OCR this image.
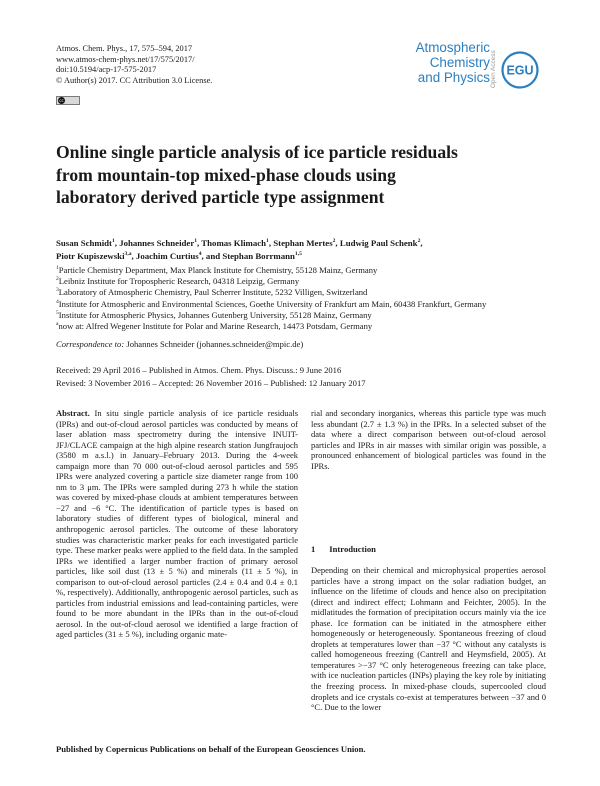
Atmos. Chem. Phys., 17, 575–594, 2017
www.atmos-chem-phys.net/17/575/2017/
doi:10.5194/acp-17-575-2017
© Author(s) 2017. CC Attribution 3.0 License.
cc
Atmospheric
Chemistry
and Physics Open Access EGU
Online single particle analysis of ice particle residuals from mountain-top mixed-phase clouds using laboratory derived particle type assignment
Susan Schmidt$^1$, Johannes Schneider$^1$, Thomas Klimach$^1$, Stephan Mertes$^2$, Ludwig Paul Schenk$^2$,
Piotr Kupiszewski$^{3,a}$, Joachim Curtius$^4$, and Stephan Borrmann$^{1,5}$
$^1$Particle Chemistry Department, Max Planck Institute for Chemistry, 55128 Mainz, Germany
$^2$Leibniz Institute for Tropospheric Research, 04318 Leipzig, Germany
$^3$Laboratory of Atmospheric Chemistry, Paul Scherrer Institute, 5232 Villigen, Switzerland
$^4$Institute for Atmospheric and Environmental Sciences, Goethe University of Frankfurt am Main, 60438 Frankfurt, Germany
$^5$Institute for Atmospheric Physics, Johannes Gutenberg University, 55128 Mainz, Germany
$^a$now at: Alfred Wegener Institute for Polar and Marine Research, 14473 Potsdam, Germany
Correspondence to: Johannes Schneider (johannes.schneider@mpic.de)
Received: 29 April 2016 – Published in Atmos. Chem. Phys. Discuss.: 9 June 2016
Revised: 3 November 2016 – Accepted: 26 November 2016 – Published: 12 January 2017
Abstract. In situ single particle analysis of ice particle residuals (IPRs) and out-of-cloud aerosol particles was conducted by means of laser ablation mass spectrometry during the intensive INUIT-JFJ/CLACE campaign at the high alpine research station Jungfraujoch (3580 m a.s.l.) in January–February 2013. During the 4-week campaign more than 70 000 out-of-cloud aerosol particles and 595 IPRs were analyzed covering a particle size diameter range from 100 nm to 3 μm. The IPRs were sampled during 273 h while the station was covered by mixed-phase clouds at ambient temperatures between −27 and −6 °C. The identification of particle types is based on laboratory studies of different types of biological, mineral and anthropogenic aerosol particles. The outcome of these laboratory studies was characteristic marker peaks for each investigated particle type. These marker peaks were applied to the field data. In the sampled IPRs we identified a larger number fraction of primary aerosol particles, like soil dust (13 ± 5 %) and minerals (11 ± 5 %), in comparison to out-of-cloud aerosol particles (2.4 ± 0.4 and 0.4 ± 0.1 %, respectively). Additionally, anthropogenic aerosol particles, such as particles from industrial emissions and lead-containing particles, were found to be more abundant in the IPRs than in the out-of-cloud aerosol. In the out-of-cloud aerosol we identified a large fraction of aged particles (31 ± 5 %), including organic mate-
rial and secondary inorganics, whereas this particle type was much less abundant (2.7 ± 1.3 %) in the IPRs. In a selected subset of the data where a direct comparison between out-of-cloud aerosol particles and IPRs in air masses with similar origin was possible, a pronounced enhancement of biological particles was found in the IPRs.
1 Introduction
Depending on their chemical and microphysical properties aerosol particles have a strong impact on the solar radiation budget, an influence on the lifetime of clouds and hence also on precipitation (direct and indirect effect; Lohmann and Feichter, 2005). In the midlatitudes the formation of precipitation occurs mainly via the ice phase. Ice formation can be initiated in the atmosphere either homogeneously or heterogeneously. Spontaneous freezing of cloud droplets at temperatures lower than −37 °C without any catalysts is called homogeneous freezing (Cantrell and Heymsfield, 2005). At temperatures >−37 °C only heterogeneous freezing can take place, with ice nucleation particles (INPs) playing the key role by initiating the freezing process. In mixed-phase clouds, supercooled cloud droplets and ice crystals co-exist at temperatures between −37 and 0 °C. Due to the lower
Published by Copernicus Publications on behalf of the European Geosciences Union.
